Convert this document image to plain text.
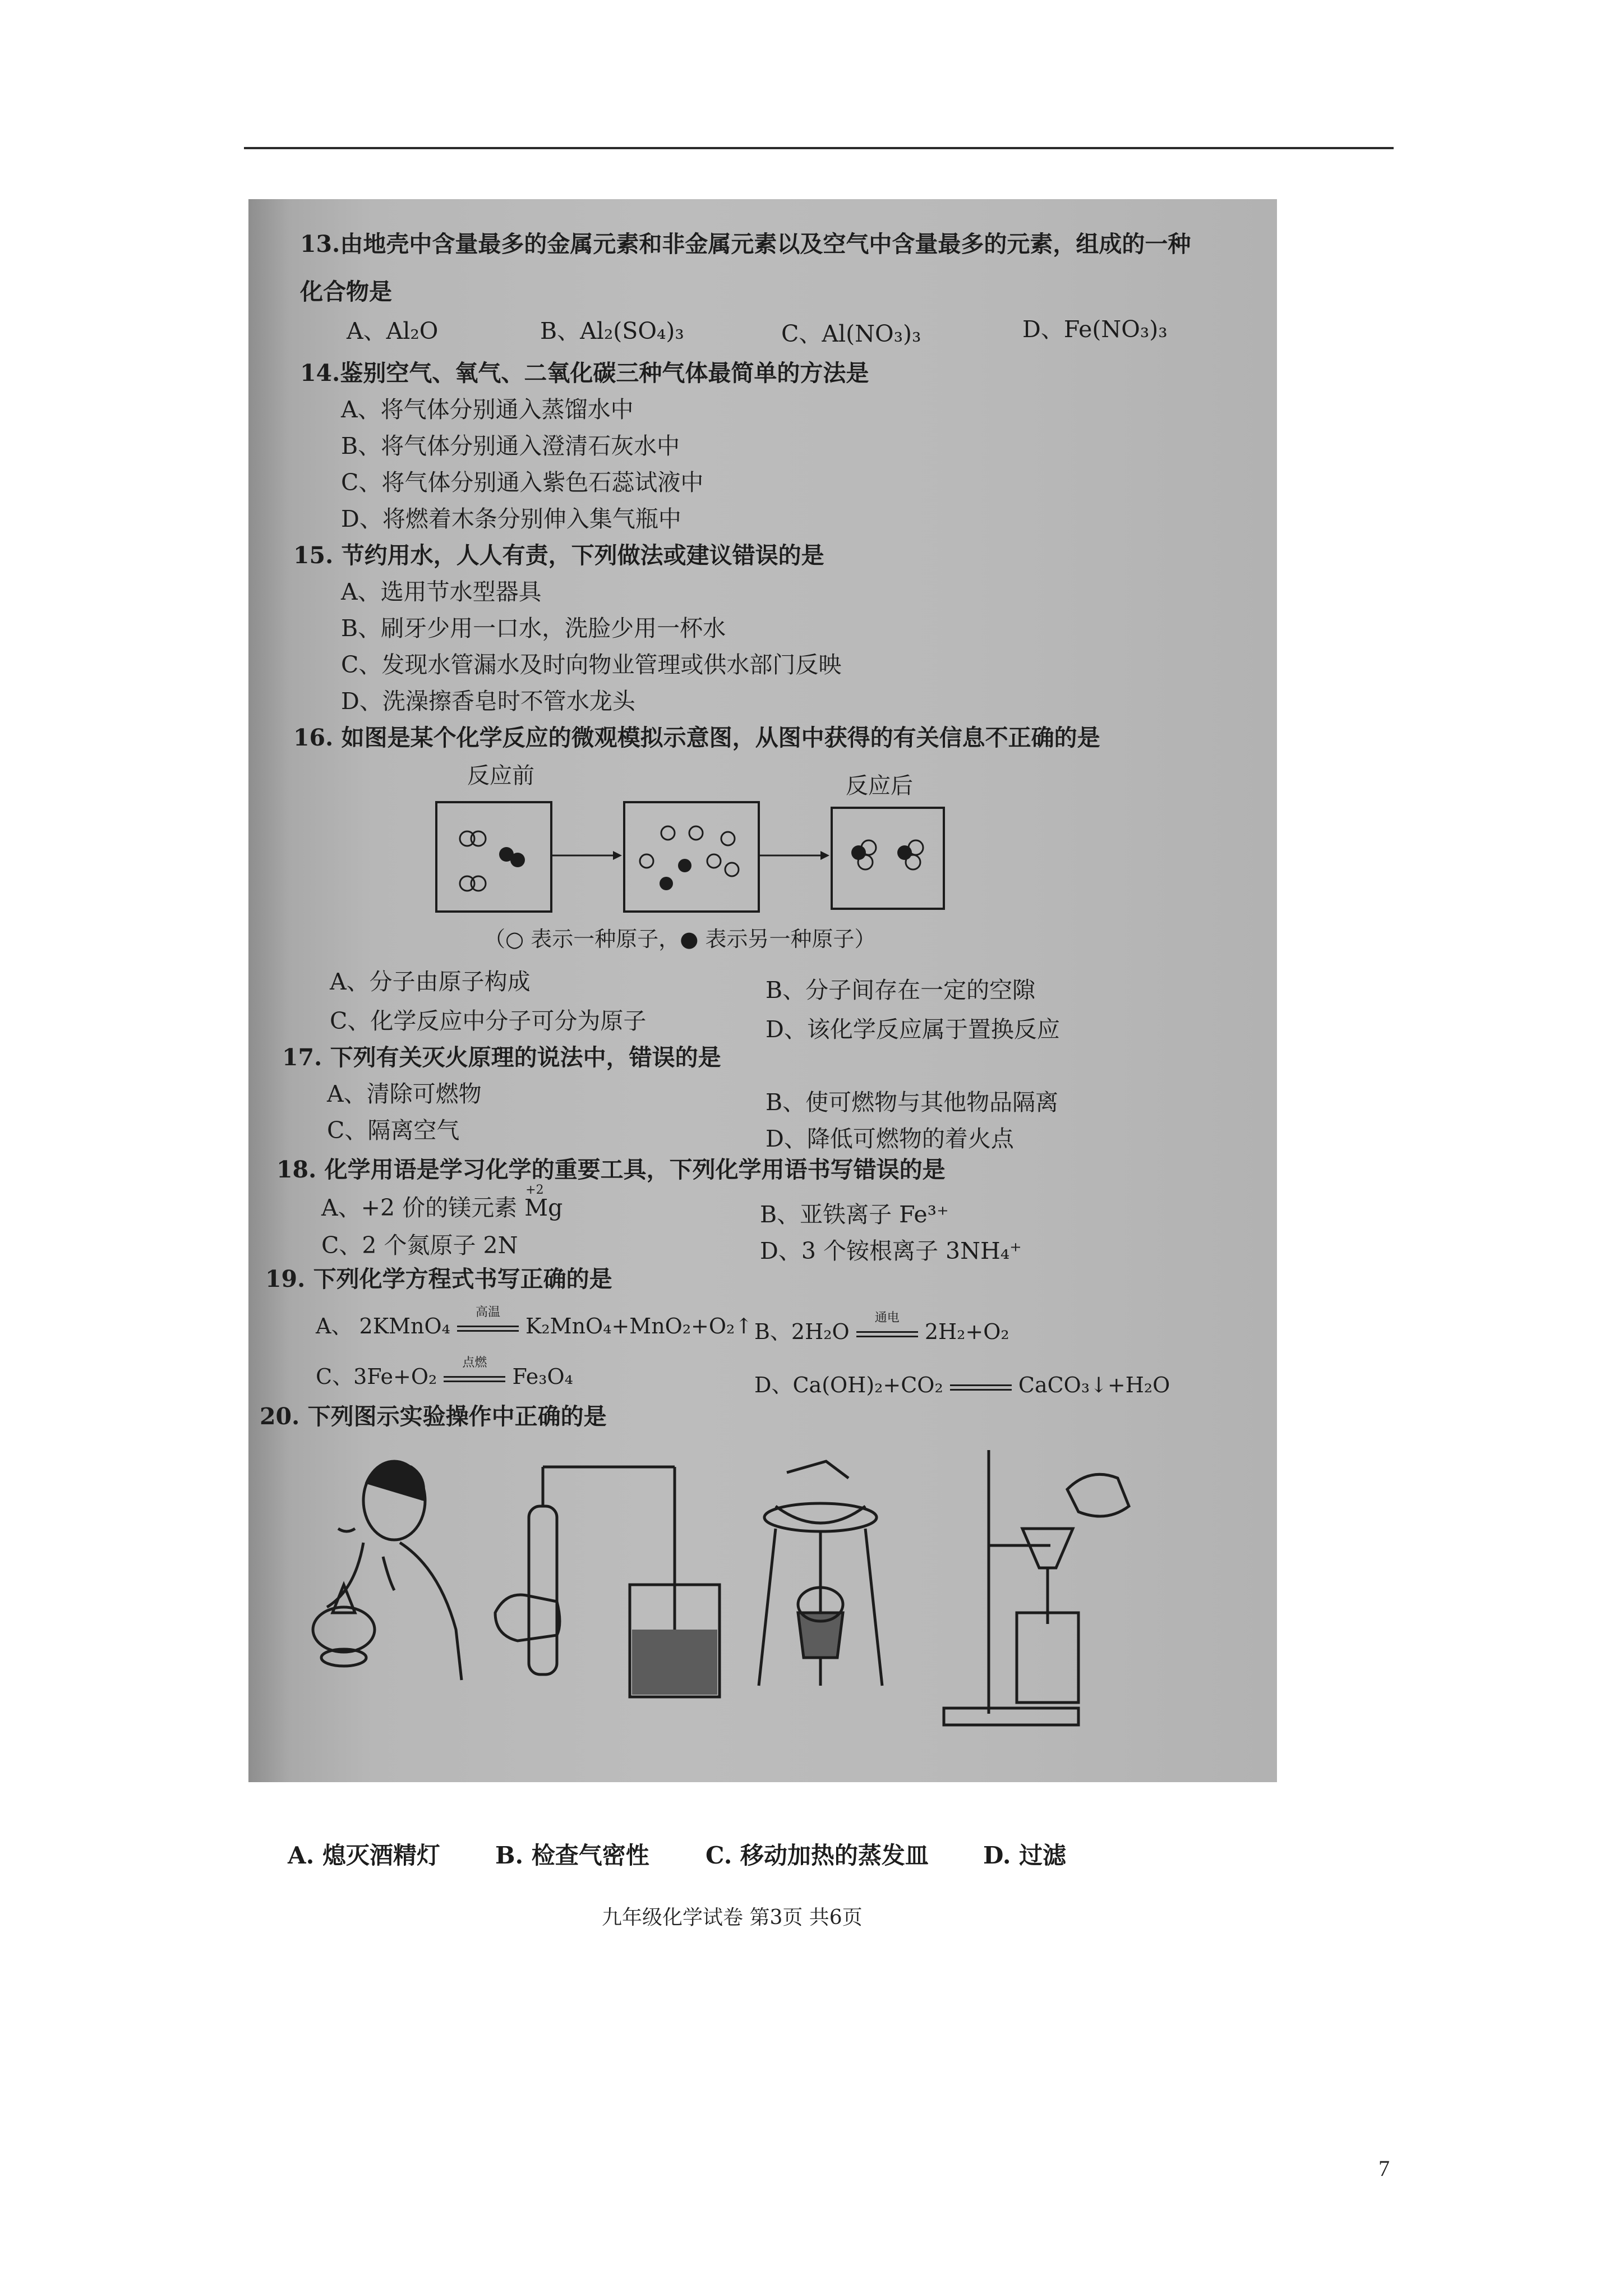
13.由地壳中含量最多的金属元素和非金属元素以及空气中含量最多的元素，组成的一种
化合物是
A、Al₂O	B、Al₂(SO₄)₃	C、Al(NO₃)₃	D、Fe(NO₃)₃
14.鉴别空气、氧气、二氧化碳三种气体最简单的方法是
A、将气体分别通入蒸馏水中
B、将气体分别通入澄清石灰水中
C、将气体分别通入紫色石蕊试液中
D、将燃着木条分别伸入集气瓶中
15. 节约用水，人人有责，下列做法或建议错误的是
A、选用节水型器具
B、刷牙少用一口水，洗脸少用一杯水
C、发现水管漏水及时向物业管理或供水部门反映
D、洗澡擦香皂时不管水龙头
16. 如图是某个化学反应的微观模拟示意图，从图中获得的有关信息不正确的是
反应前	反应后
（○ 表示一种原子，● 表示另一种原子）
A、分子由原子构成	B、分子间存在一定的空隙
C、化学反应中分子可分为原子	D、该化学反应属于置换反应
17. 下列有关灭火原理的说法中，错误的是
A、清除可燃物	B、使可燃物与其他物品隔离
C、隔离空气	D、降低可燃物的着火点
18. 化学用语是学习化学的重要工具，下列化学用语书写错误的是
A、+2 价的镁元素
+2
Mg	B、亚铁离子 Fe³⁺
C、2 个氮原子 2N	D、3 个铵根离子 3NH₄⁺
19. 下列化学方程式书写正确的是
A、 2KMnO₄
高温
K₂MnO₄+MnO₂+O₂↑ B、2H₂O
通电
2H₂+O₂
C、3Fe+O₂
点燃
Fe₃O₄	D、Ca(OH)₂+CO₂	CaCO₃↓+H₂O
20. 下列图示实验操作中正确的是
A. 熄灭酒精灯 B. 检查气密性 C. 移动加热的蒸发皿 D. 过滤
九年级化学试卷 第3页 共6页
7
